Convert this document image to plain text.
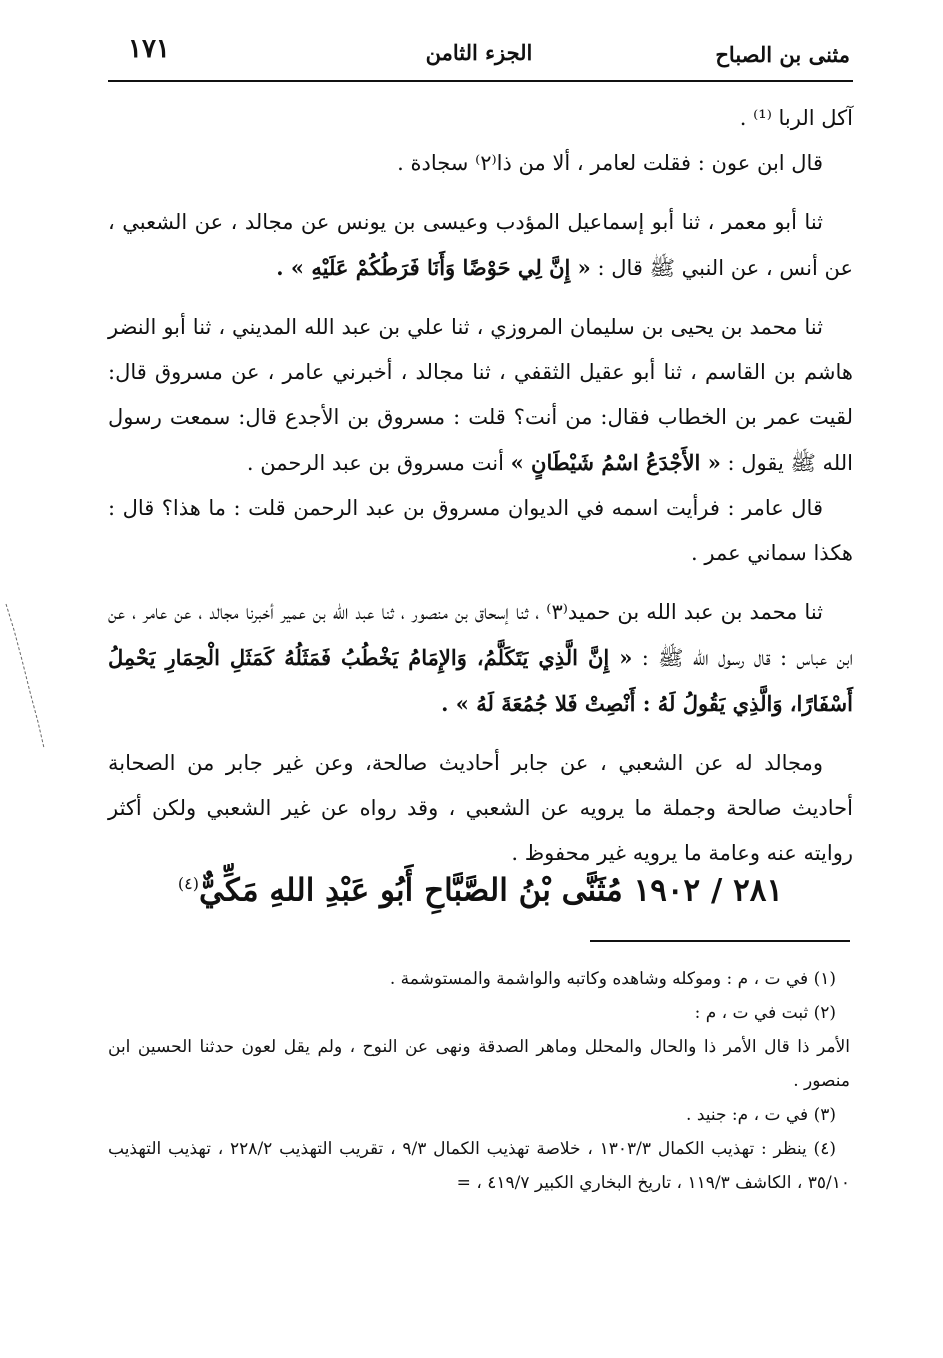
مثنى بن الصباح
الجزء الثامن
١٧١

آكل الربا ⁽¹⁾ .

قال ابن عون : فقلت لعامر ، ألا من ذا⁽٢⁾ سجادة .

ثنا أبو معمر ، ثنا أبو إسماعيل المؤدب وعيسى بن يونس عن مجالد ، عن الشعبي ، عن أنس ، عن النبي ﷺ قال : « إِنَّ لِي حَوْضًا وَأَنَا فَرَطُكُمْ عَلَيْهِ » .

ثنا محمد بن يحيى بن سليمان المروزي ، ثنا علي بن عبد الله المديني ، ثنا أبو النضر هاشم بن القاسم ، ثنا أبو عقيل الثقفي ، ثنا مجالد ، أخبرني عامر ، عن مسروق قال: لقيت عمر بن الخطاب فقال: من أنت؟ قلت : مسروق بن الأجدع قال: سمعت رسول الله ﷺ يقول : « الأَجْدَعُ اسْمُ شَيْطَانٍ » أنت مسروق بن عبد الرحمن .

قال عامر : فرأيت اسمه في الديوان مسروق بن عبد الرحمن قلت : ما هذا؟ قال : هكذا سماني عمر .

ثنا محمد بن عبد الله بن حميد⁽٣⁾ ، ثنا إسحاق بن منصور ، ثنا عبد الله بن عمير أخبرنا مجالد ، عن عامر ، عن ابن عباس : قال رسول الله ﷺ : « إِنَّ الَّذِي يَتَكَلَّمُ، وَالإِمَامُ يَخْطُبُ فَمَثَلُهُ كَمَثَلِ الْحِمَارِ يَحْمِلُ أَسْفَارًا، وَالَّذِي يَقُولُ لَهُ : أَنْصِتْ فَلا جُمُعَةَ لَهُ » .

ومجالد له عن الشعبي ، عن جابر أحاديث صالحة، وعن غير جابر من الصحابة أحاديث صالحة وجملة ما يرويه عن الشعبي ، وقد رواه عن غير الشعبي ولكن أكثر روايته عنه وعامة ما يرويه غير محفوظ .

٢٨١ / ١٩٠٢ مُثَنَّى بْنُ الصَّبَّاحِ أَبُو عَبْدِ اللهِ مَكِّيٌّ$^{(٤)}$

(١) في ت ، م : وموكله وشاهده وكاتبه والواشمة والمستوشمة .

(٢) ثبت في ت ، م :

الأمر ذا قال الأمر ذا والحال والمحلل وماهر الصدقة ونهى عن النوح ، ولم يقل لعون حدثنا الحسين ابن منصور .

(٣) في ت ، م: جنيد .

(٤) ينظر : تهذيب الكمال ١٣٠٣/٣ ، خلاصة تهذيب الكمال ٩/٣ ، تقريب التهذيب ٢٢٨/٢ ، تهذيب التهذيب ٣٥/١٠ ، الكاشف ١١٩/٣ ، تاريخ البخاري الكبير ٤١٩/٧ ، =
